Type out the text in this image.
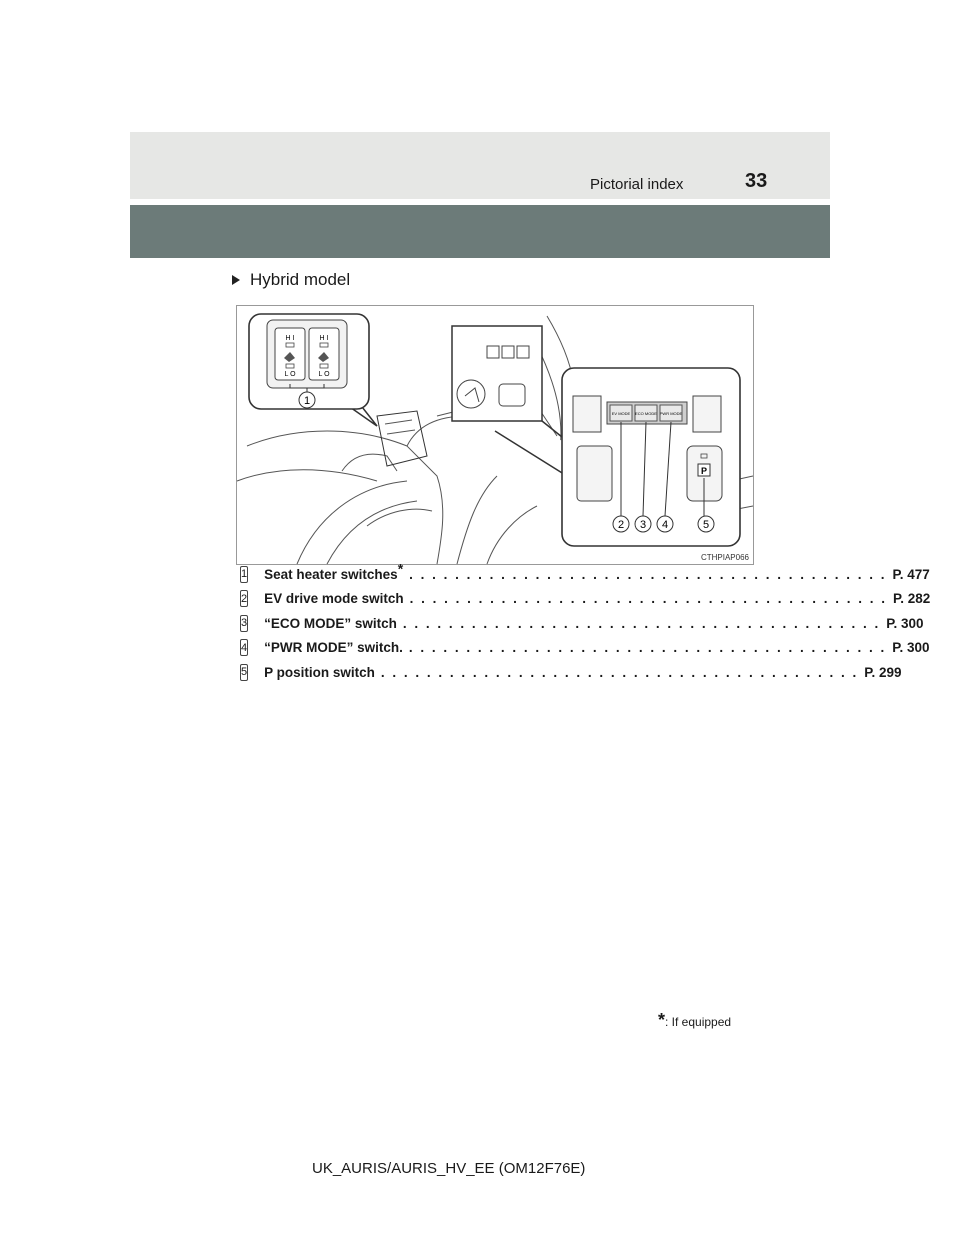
Pictorial index	33
Hybrid model
H I	H I
L O	L O
1
EV MODE ECO MODE PWR MODE
P
2 3 4	5
CTHPIAP066
1 Seat heater switches* . . . . . . . . . . . . . . . . . . . . . . . . . . . . . . . . . . . . . . . . . . P. 477
2 EV drive mode switch . . . . . . . . . . . . . . . . . . . . . . . . . . . . . . . . . . . . . . . . . . P. 282
3 “ECO MODE” switch . . . . . . . . . . . . . . . . . . . . . . . . . . . . . . . . . . . . . . . . . . P. 300
4 “PWR MODE” switch. . . . . . . . . . . . . . . . . . . . . . . . . . . . . . . . . . . . . . . . . . . P. 300
5 P position switch . . . . . . . . . . . . . . . . . . . . . . . . . . . . . . . . . . . . . . . . . . P. 299
*: If equipped
UK_AURIS/AURIS_HV_EE (OM12F76E)
